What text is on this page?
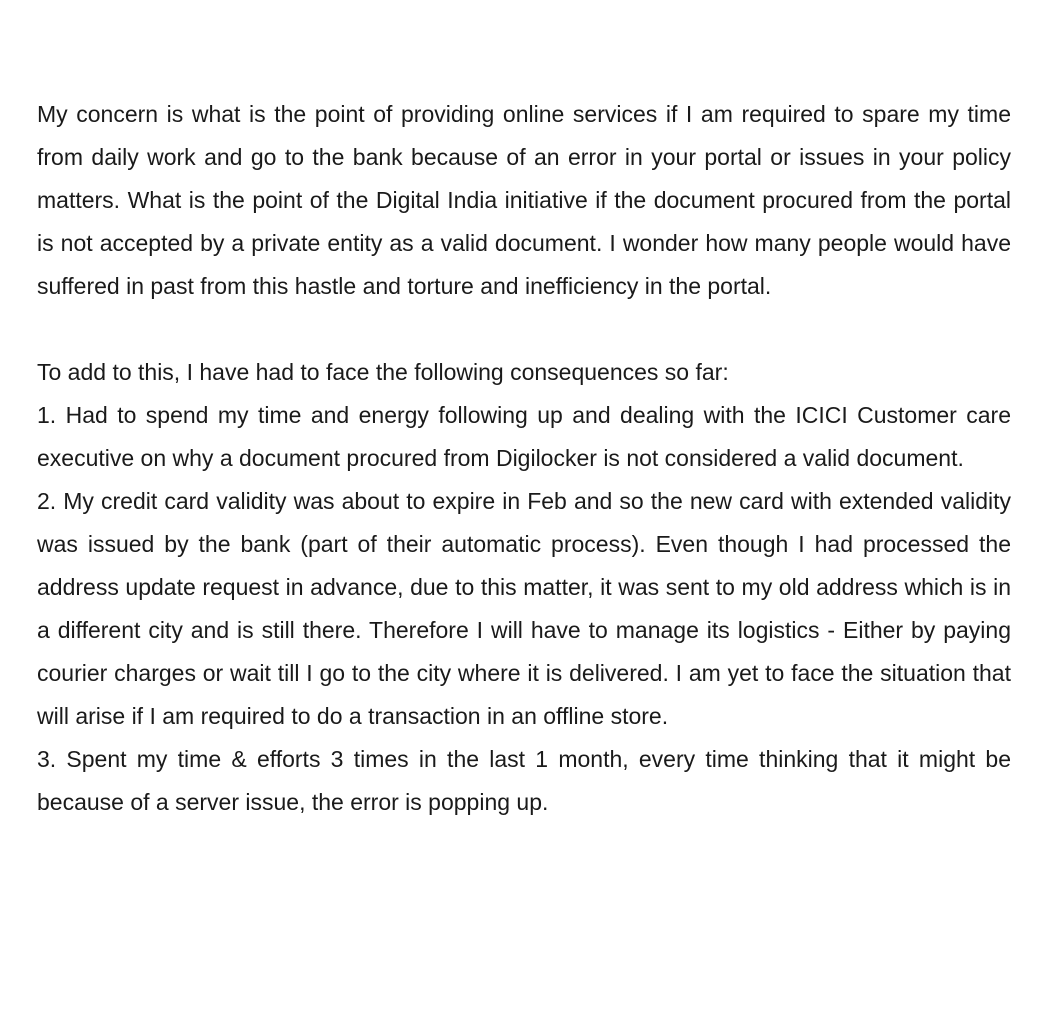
My concern is what is the point of providing online services if I am required to spare my time from daily work and go to the bank because of an error in your portal or issues in your policy matters. What is the point of the Digital India initiative if the document procured from the portal is not accepted by a private entity as a valid document. I wonder how many people would have suffered in past from this hastle and torture and inefficiency in the portal.

To add to this, I have had to face the following consequences so far:

1. Had to spend my time and energy following up and dealing with the ICICI Customer care executive on why a document procured from Digilocker is not considered a valid document.

2. My credit card validity was about to expire in Feb and so the new card with extended validity was issued by the bank (part of their automatic process). Even though I had processed the address update request in advance, due to this matter, it was sent to my old address which is in a different city and is still there. Therefore I will have to manage its logistics - Either by paying courier charges or wait till I go to the city where it is delivered. I am yet to face the situation that will arise if I am required to do a transaction in an offline store.

3. Spent my time & efforts 3 times in the last 1 month, every time thinking that it might be because of a server issue, the error is popping up.
